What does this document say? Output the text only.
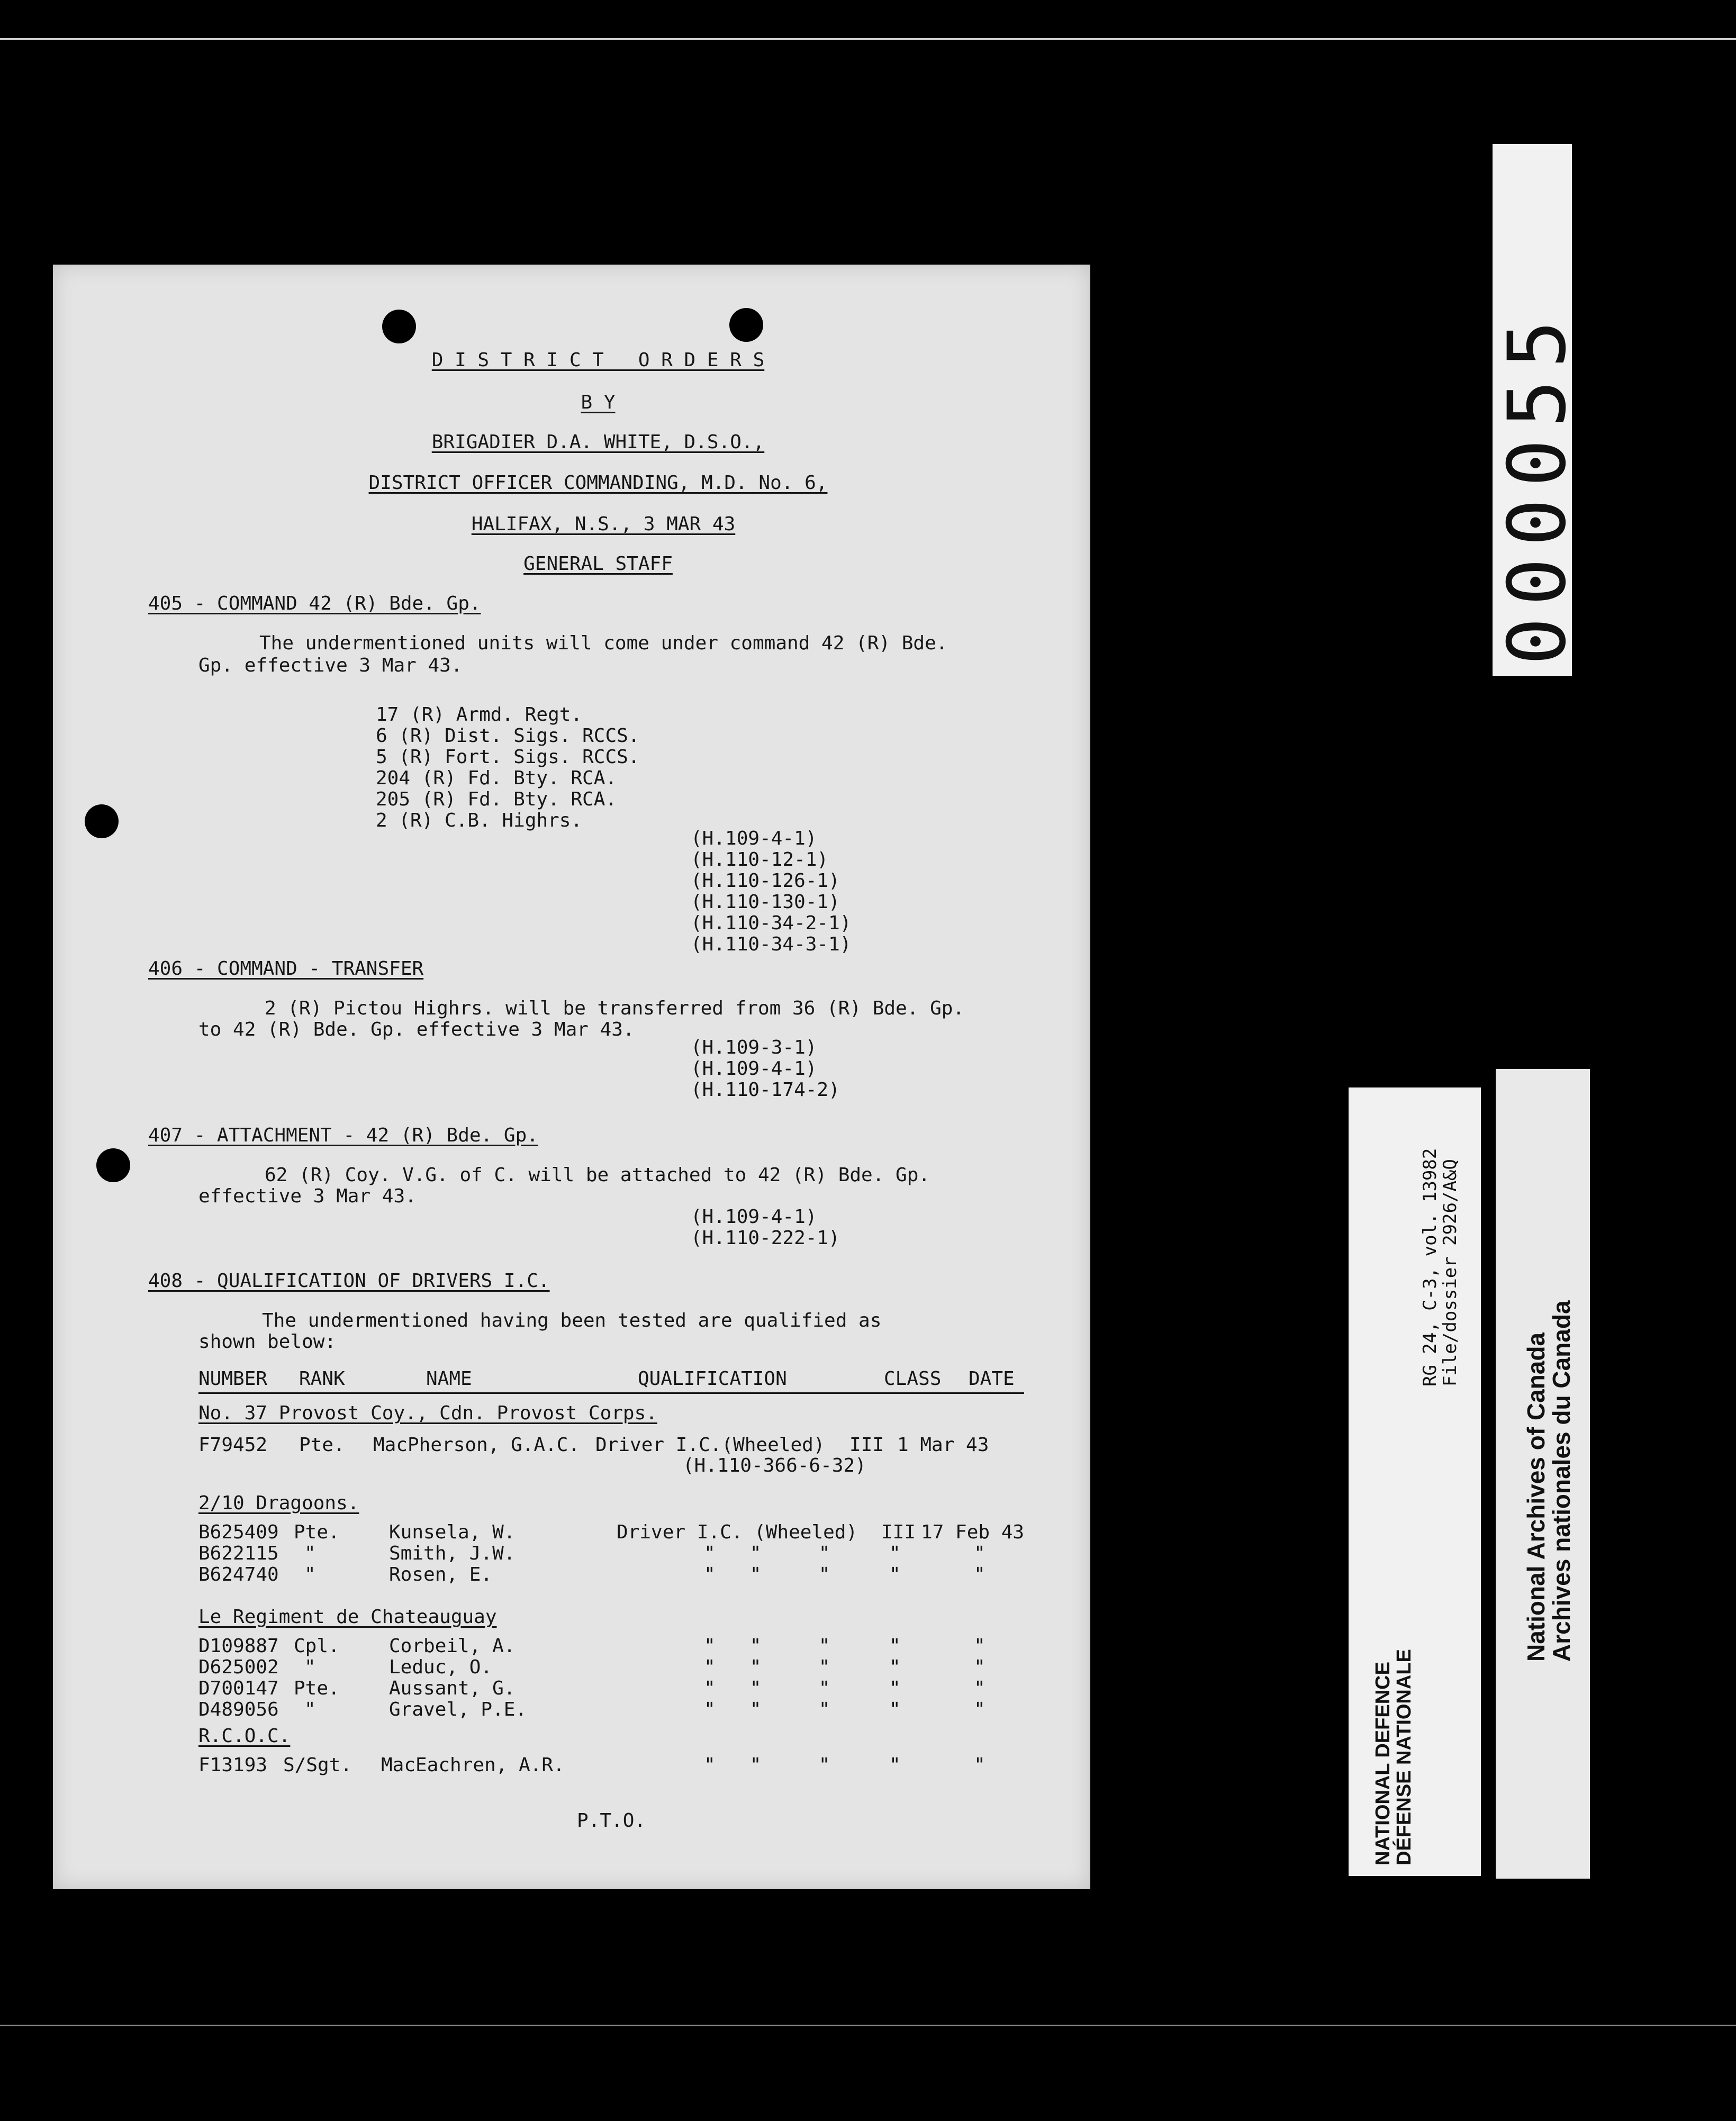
D I S T R I C T   O R D E R S
B Y
BRIGADIER D.A. WHITE, D.S.O.,
DISTRICT OFFICER COMMANDING, M.D. No. 6,
HALIFAX, N.S., 3 MAR 43
GENERAL STAFF
405 - COMMAND 42 (R) Bde. Gp.
The undermentioned units will come under command 42 (R) Bde.
Gp. effective 3 Mar 43.
17 (R) Armd. Regt.
6 (R) Dist. Sigs. RCCS.
5 (R) Fort. Sigs. RCCS.
204 (R) Fd. Bty. RCA.
205 (R) Fd. Bty. RCA.
2 (R) C.B. Highrs.
(H.109-4-1)
(H.110-12-1)
(H.110-126-1)
(H.110-130-1)
(H.110-34-2-1)
(H.110-34-3-1)
406 - COMMAND - TRANSFER
2 (R) Pictou Highrs. will be transferred from 36 (R) Bde. Gp.
to 42 (R) Bde. Gp. effective 3 Mar 43.
(H.109-3-1)
(H.109-4-1)
(H.110-174-2)
407 - ATTACHMENT - 42 (R) Bde. Gp.
62 (R) Coy. V.G. of C. will be attached to 42 (R) Bde. Gp.
effective 3 Mar 43.
(H.109-4-1)
(H.110-222-1)
408 - QUALIFICATION OF DRIVERS I.C.
The undermentioned having been tested are qualified as
shown below:
NUMBER RANK	NAME	QUALIFICATION	CLASS DATE
No. 37 Provost Coy., Cdn. Provost Corps.
F79452 Pte. MacPherson, G.A.C. Driver I.C.(Wheeled) III 1 Mar 43
(H.110-366-6-32)
2/10 Dragoons.
B625409 Pte.	Kunsela, W.	Driver I.C. (Wheeled) III 17 Feb 43
B622115 "	Smith, J.W.	"   "     "	"	"
B624740 "	Rosen, E.	"   "     "	"	"
Le Regiment de Chateauguay
D109887 Cpl.	Corbeil, A.	"   "     "	"	"
D625002 "	Leduc, O.	"   "     "	"	"
D700147 Pte.	Aussant, G.	"   "     "	"	"
D489056 "	Gravel, P.E.	"   "     "	"	"
R.C.O.C.
F13193 S/Sgt. MacEachren, A.R.	"   "     "	"	"
P.T.O.
000055
NATIONAL DEFENCE
DÉFENSE NATIONALE
RG 24, C-3, vol. 13982
File/dossier 2926/A&Q
National Archives of Canada
Archives nationales du Canada
